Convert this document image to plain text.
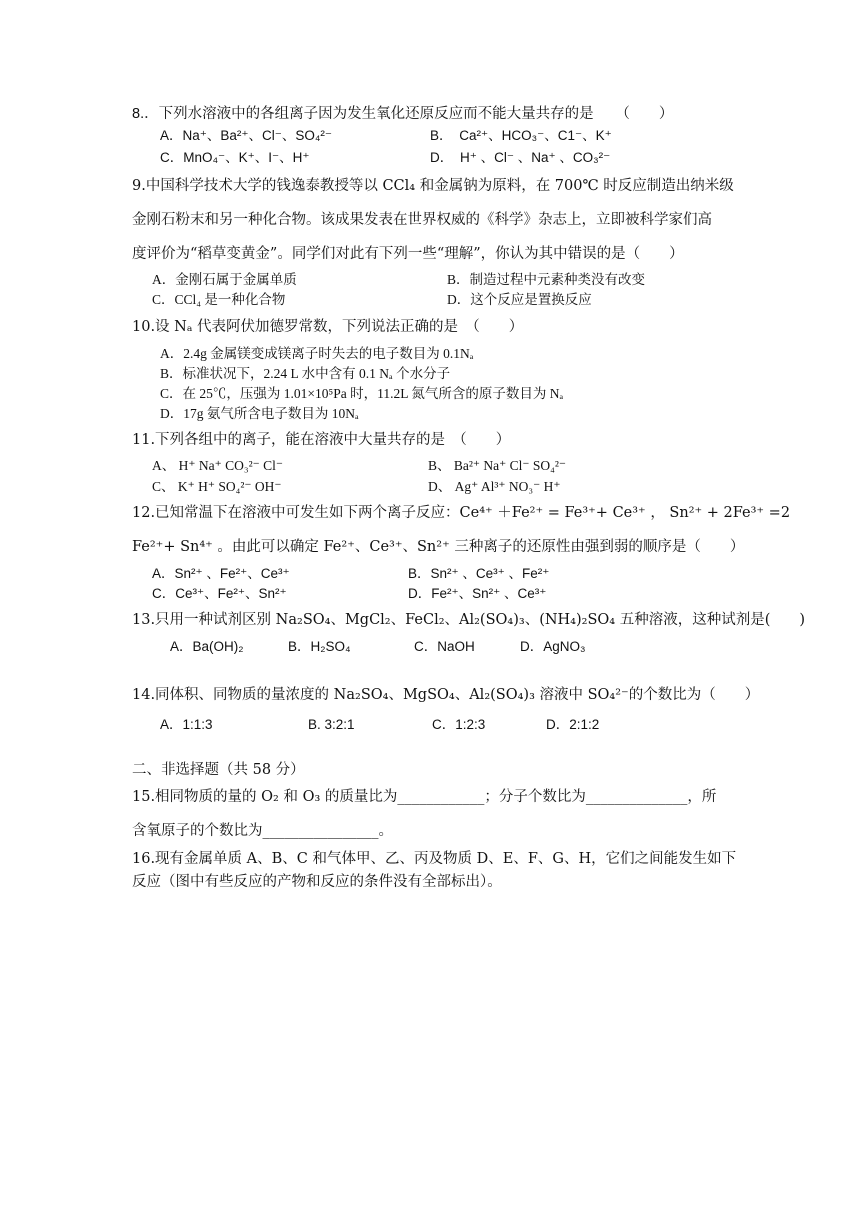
8.．下列水溶液中的各组离子因为发生氧化还原反应而不能大量共存的是　　（　　）
A．Na⁺、Ba²⁺、Cl⁻、SO₄²⁻	B．　Ca²⁺、HCO₃⁻、C1⁻、K⁺
C．MnO₄⁻、K⁺、I⁻、H⁺	D．　H⁺ 、Cl⁻ 、Na⁺ 、CO₃²⁻
9.中国科学技术大学的钱逸泰教授等以 CCl₄ 和金属钠为原料，在 700℃ 时反应制造出纳米级
金刚石粉末和另一种化合物。该成果发表在世界权威的《科学》杂志上，立即被科学家们高
度评价为“稻草变黄金”。同学们对此有下列一些“理解”，你认为其中错误的是（　　）
A．金刚石属于金属单质	B．制造过程中元素种类没有改变
C．CCl₄ 是一种化合物	D．这个反应是置换反应
10.设 Nₐ 代表阿伏加德罗常数，下列说法正确的是　（　　）
A．2.4g 金属镁变成镁离子时失去的电子数目为 0.1Nₐ
B．标准状况下，2.24 L 水中含有 0.1 Nₐ 个水分子
C．在 25℃，压强为 1.01×10⁵Pa 时，11.2L 氮气所含的原子数目为 Nₐ
D．17g 氨气所含电子数目为 10Nₐ
11.下列各组中的离子，能在溶液中大量共存的是　（　　）
A、 H⁺ Na⁺ CO₃²⁻ Cl⁻	B、 Ba²⁺ Na⁺ Cl⁻ SO₄²⁻
C、 K⁺ H⁺ SO₄²⁻ OH⁻	D、 Ag⁺ Al³⁺ NO₃⁻ H⁺
12.已知常温下在溶液中可发生如下两个离子反应：Ce⁴⁺ ＋Fe²⁺ = Fe³⁺+ Ce³⁺ ， Sn²⁺ + 2Fe³⁺ =2
Fe²⁺+ Sn⁴⁺ 。由此可以确定 Fe²⁺、Ce³⁺、Sn²⁺ 三种离子的还原性由强到弱的顺序是（　　）
A．Sn²⁺ 、Fe²⁺、Ce³⁺	B．Sn²⁺ 、Ce³⁺ 、Fe²⁺
C．Ce³⁺、Fe²⁺、Sn²⁺	D．Fe²⁺、Sn²⁺ 、Ce³⁺
13.只用一种试剂区别 Na₂SO₄、MgCl₂、FeCl₂、Al₂(SO₄)₃、(NH₄)₂SO₄ 五种溶液，这种试剂是(　　)
A．Ba(OH)₂	B．H₂SO₄	C．NaOH	D．AgNO₃
14.同体积、同物质的量浓度的 Na₂SO₄、MgSO₄、Al₂(SO₄)₃ 溶液中 SO₄²⁻的个数比为（　　）
A．1:1:3	B. 3:2:1	C．1:2:3	D．2:1:2
二、非选择题（共 58 分）
15.相同物质的量的 O₂ 和 O₃ 的质量比为____________；分子个数比为______________，所
含氧原子的个数比为________________。
16.现有金属单质 A、B、C 和气体甲、乙、丙及物质 D、E、F、G、H，它们之间能发生如下
反应（图中有些反应的产物和反应的条件没有全部标出）。
